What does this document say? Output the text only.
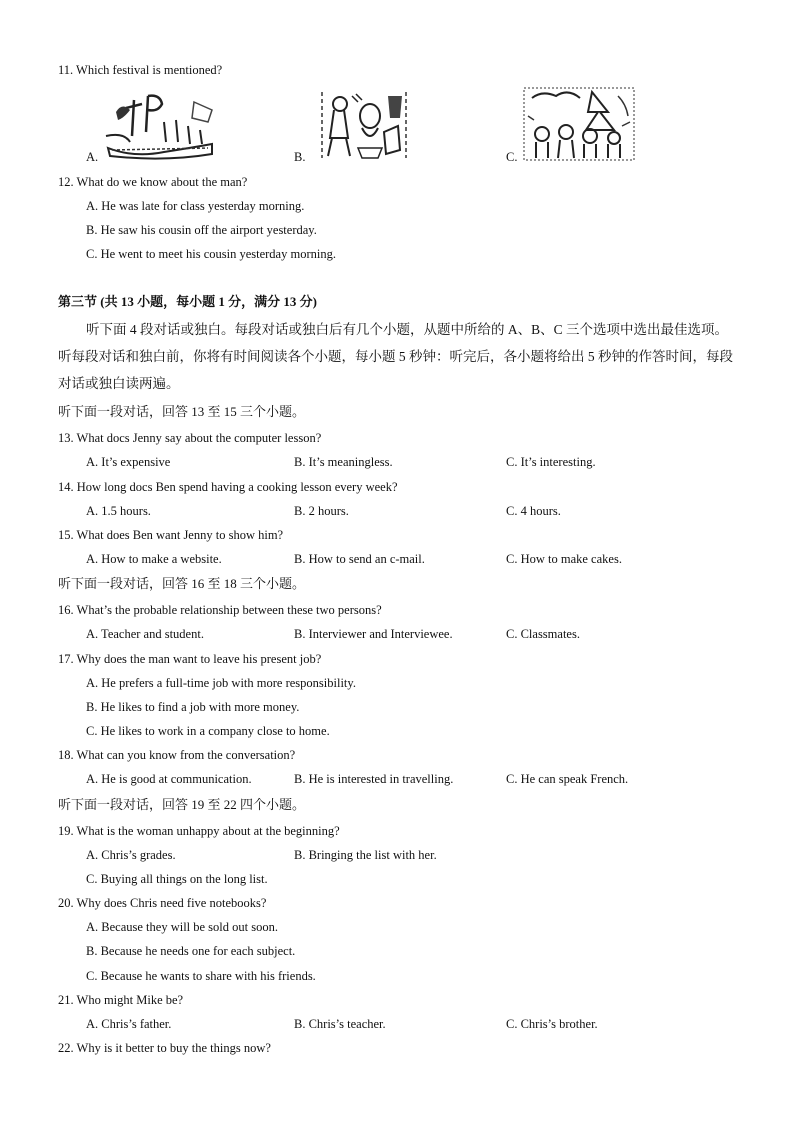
11. Which festival is mentioned?
A.	B.	C.
12. What do we know about the man?
A. He was late for class yesterday morning.
B. He saw his cousin off the airport yesterday.
C. He went to meet his cousin yesterday morning.
第三节 (共 13 小题，每小题 1 分，满分 13 分)
听下面 4 段对话或独白。每段对话或独白后有几个小题，从题中所给的 A、B、C 三个选项中选出最佳选项。听每段对话和独白前，你将有时间阅读各个小题，每小题 5 秒钟：听完后，各小题将给出 5 秒钟的作答时间，每段对话或独白读两遍。
听下面一段对话，回答 13 至 15 三个小题。
13. What docs Jenny say about the computer lesson?
A. It’s expensive	B. It’s meaningless.	C. It’s interesting.
14. How long docs Ben spend having a cooking lesson every week?
A. 1.5 hours.	B. 2 hours.	C. 4 hours.
15. What does Ben want Jenny to show him?
A. How to make a website.	B. How to send an c-mail.	C. How to make cakes.
听下面一段对话，回答 16 至 18 三个小题。
16. What’s the probable relationship between these two persons?
A. Teacher and student.	B. Interviewer and Interviewee.	C. Classmates.
17. Why does the man want to leave his present job?
A. He prefers a full-time job with more responsibility.
B. He likes to find a job with more money.
C. He likes to work in a company close to home.
18. What can you know from the conversation?
A. He is good at communication.	B. He is interested in travelling.	C. He can speak French.
听下面一段对话，回答 19 至 22 四个小题。
19. What is the woman unhappy about at the beginning?
A. Chris’s grades.	B. Bringing the list with her.
C. Buying all things on the long list.
20. Why does Chris need five notebooks?
A. Because they will be sold out soon.
B. Because he needs one for each subject.
C. Because he wants to share with his friends.
21. Who might Mike be?
A. Chris’s father.	B. Chris’s teacher.	C. Chris’s brother.
22. Why is it better to buy the things now?
